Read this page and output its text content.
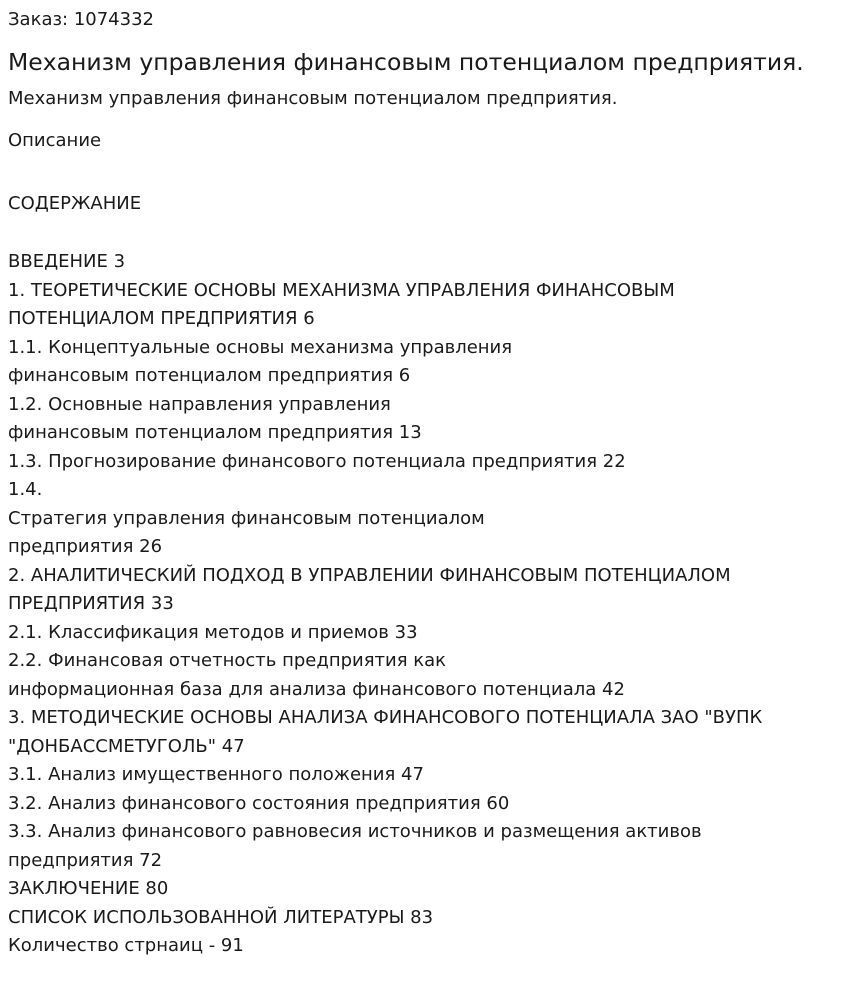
Заказ: 1074332
Механизм управления финансовым потенциалом предприятия.
Механизм управления финансовым потенциалом предприятия.
Описание
СОДЕРЖАНИЕ
ВВЕДЕНИЕ 3
1. ТЕОРЕТИЧЕСКИЕ ОСНОВЫ МЕХАНИЗМА УПРАВЛЕНИЯ ФИНАНСОВЫМ
ПОТЕНЦИАЛОМ ПРЕДПРИЯТИЯ 6
1.1. Концептуальные основы механизма управления
финансовым потенциалом предприятия 6
1.2. Основные направления управления
финансовым потенциалом предприятия 13
1.3. Прогнозирование финансового потенциала предприятия 22
1.4.
Стратегия управления финансовым потенциалом
предприятия 26
2. АНАЛИТИЧЕСКИЙ ПОДХОД В УПРАВЛЕНИИ ФИНАНСОВЫМ ПОТЕНЦИАЛОМ
ПРЕДПРИЯТИЯ 33
2.1. Классификация методов и приемов 33
2.2. Финансовая отчетность предприятия как
информационная база для анализа финансового потенциала 42
3. МЕТОДИЧЕСКИЕ ОСНОВЫ АНАЛИЗА ФИНАНСОВОГО ПОТЕНЦИАЛА ЗАО "ВУПК
"ДОНБАССМЕТУГОЛЬ" 47
3.1. Анализ имущественного положения 47
3.2. Анализ финансового состояния предприятия 60
3.3. Анализ финансового равновесия источников и размещения активов
предприятия 72
ЗАКЛЮЧЕНИЕ 80
СПИСОК ИСПОЛЬЗОВАННОЙ ЛИТЕРАТУРЫ 83
Количество стрнаиц - 91
